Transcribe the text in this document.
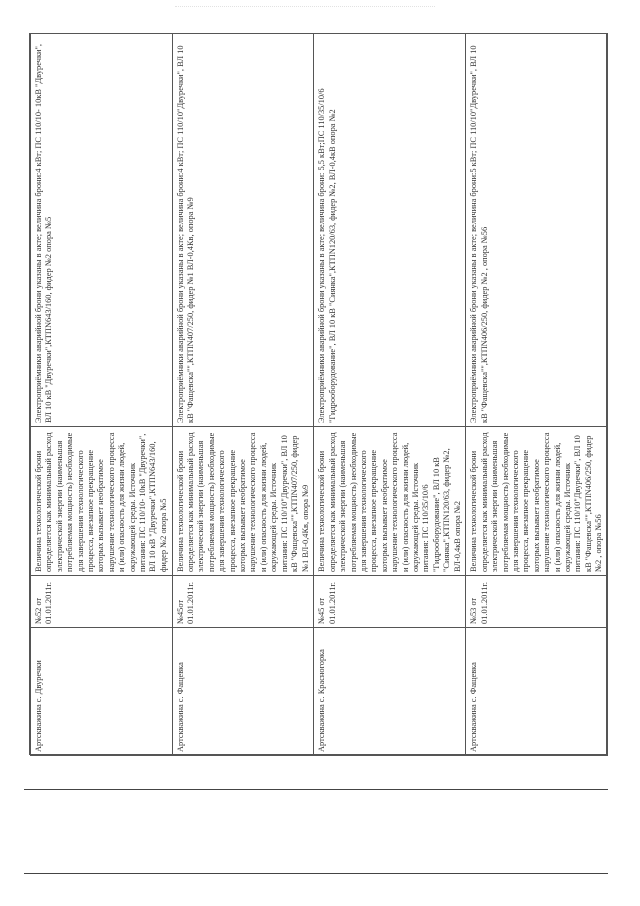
Артскважина с. Двуречки	№52 от 01.01.2011г.	Величина технологической брони определяется как минимальный расход электрической энергии (наименьшая потребляемая мощность) необходимые для завершения технологического процесса, внезапное прекращение которых вызывает необратимое нарушение технологического процесса и (или) опасность для жизни людей, окружающей среды. Источник питания: ПС 110/10- 10кВ "Двуречки", ВЛ 10 кВ "Двуречки",КТПN643/160, фидер №2 опора №5	Электроприёмники аварийной брони указаны в акте; величина брони:4 кВт; ПС 110/10- 10кВ "Двуречки", ВЛ 10 кВ "Двуречки",КТПN643/160, фидер №2 опора №5
Артскважина с. Фащевка	№45от 01.01.2011г.	Величина технологической брони определяется как минимальный расход электрической энергии (наименьшая потребляемая мощность) необходимые для завершения технологического процесса, внезапное прекращение которых вызывает необратимое нарушение технологического процесса и (или) опасность для жизни людей, окружающей среды. Источник питания: ПС 110/10"Двуречки", ВЛ 10 кВ "Фащевска"",КТПN407/250, фидер №1 ВЛ-0,4Кв, опора №9	Электроприёмники аварийной брони указаны в акте; величина брони:4 кВт; ПС 110/10"Двуречки", ВЛ 10 кВ "Фащевска"",КТПN407/250, фидер №1 ВЛ-0,4Кв, опора №9
Артскважина с. Красногорка	№45 от 01.01.2011г.	Величина технологической брони определяется как минимальный расход электрической энергии (наименьшая потребляемая мощность) необходимые для завершения технологического процесса, внезапное прекращение которых вызывает необратимое нарушение технологического процесса и (или) опасность для жизни людей, окружающей среды. Источник питания: ПС 110/35/10/6 "Гидрооборудование", ВЛ 10 кВ "Сиянка",КТПN120/63, фидер №2, ВЛ-0,4кВ опора №2	Электроприёмники аварийной брони указаны в акте; величина брони: 5,5 кВт;ПС 110/35/10/6 "Гидрооборудование", ВЛ 10 кВ "Сиянка",КТПN120/63, фидер №2, ВЛ-0,4кВ опора №2
Артскважина с. Фащевка	№53 от 01.01.2011г.	Величина технологической брони определяется как минимальный расход электрической энергии (наименьшая потребляемая мощность) необходимые для завершения технологического процесса, внезапное прекращение которых вызывает необратимое нарушение технологического процесса и (или) опасность для жизни людей, окружающей среды. Источник питания: ПС 110/10"Двуречки", ВЛ 10 кВ "Фащевска"",КТПN406/250, фидер №2 , опора №56	Электроприёмники аварийной брони указаны в акте; величина брони:5 кВт; ПС 110/10"Двуречки", ВЛ 10 кВ "Фащевска"",КТПN406/250, фидер №2 , опора №56
